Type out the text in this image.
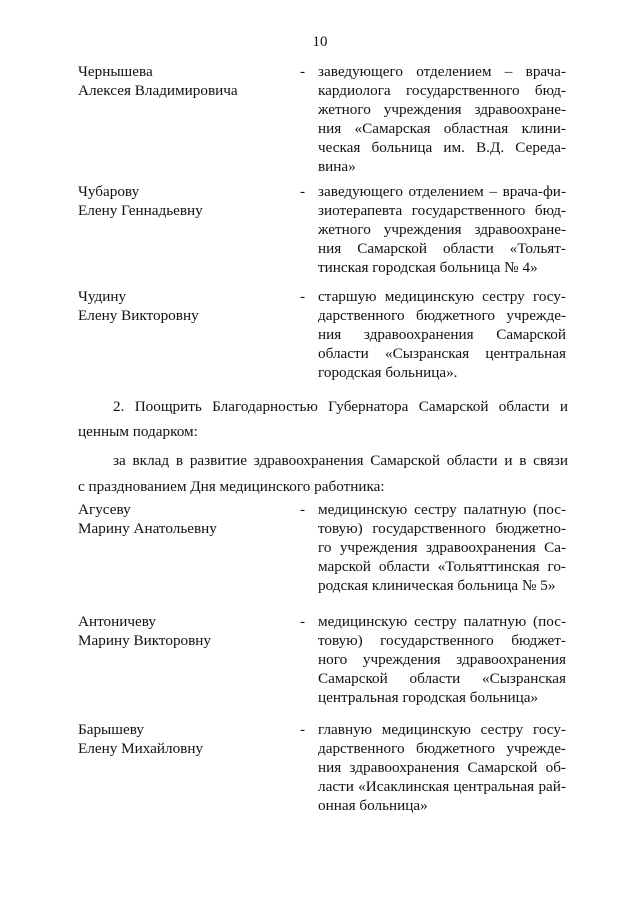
10
Чернышева
Алексея Владимировича
- заведующего отделением – врача-
кардиолога государственного бюд-
жетного учреждения здравоохране-
ния «Самарская областная клини-
ческая больница им. В.Д. Середа-
вина»
Чубарову
Елену Геннадьевну
- заведующего отделением – врача-фи-
зиотерапевта государственного бюд-
жетного учреждения здравоохране-
ния Самарской области «Тольят-
тинская городская больница № 4»
Чудину
Елену Викторовну
- старшую медицинскую сестру госу-
дарственного бюджетного учрежде-
ния здравоохранения Самарской
области «Сызранская центральная
городская больница».
2. Поощрить Благодарностью Губернатора Самарской области и
ценным подарком:
за вклад в развитие здравоохранения Самарской области и в связи
с празднованием Дня медицинского работника:
Агусеву
Марину Анатольевну
- медицинскую сестру палатную (пос-
товую) государственного бюджетно-
го учреждения здравоохранения Са-
марской области «Тольяттинская го-
родская клиническая больница № 5»
Антоничеву
Марину Викторовну
- медицинскую сестру палатную (пос-
товую) государственного бюджет-
ного учреждения здравоохранения
Самарской области «Сызранская
центральная городская больница»
Барышеву
Елену Михайловну
- главную медицинскую сестру госу-
дарственного бюджетного учрежде-
ния здравоохранения Самарской об-
ласти «Исаклинская центральная рай-
онная больница»
